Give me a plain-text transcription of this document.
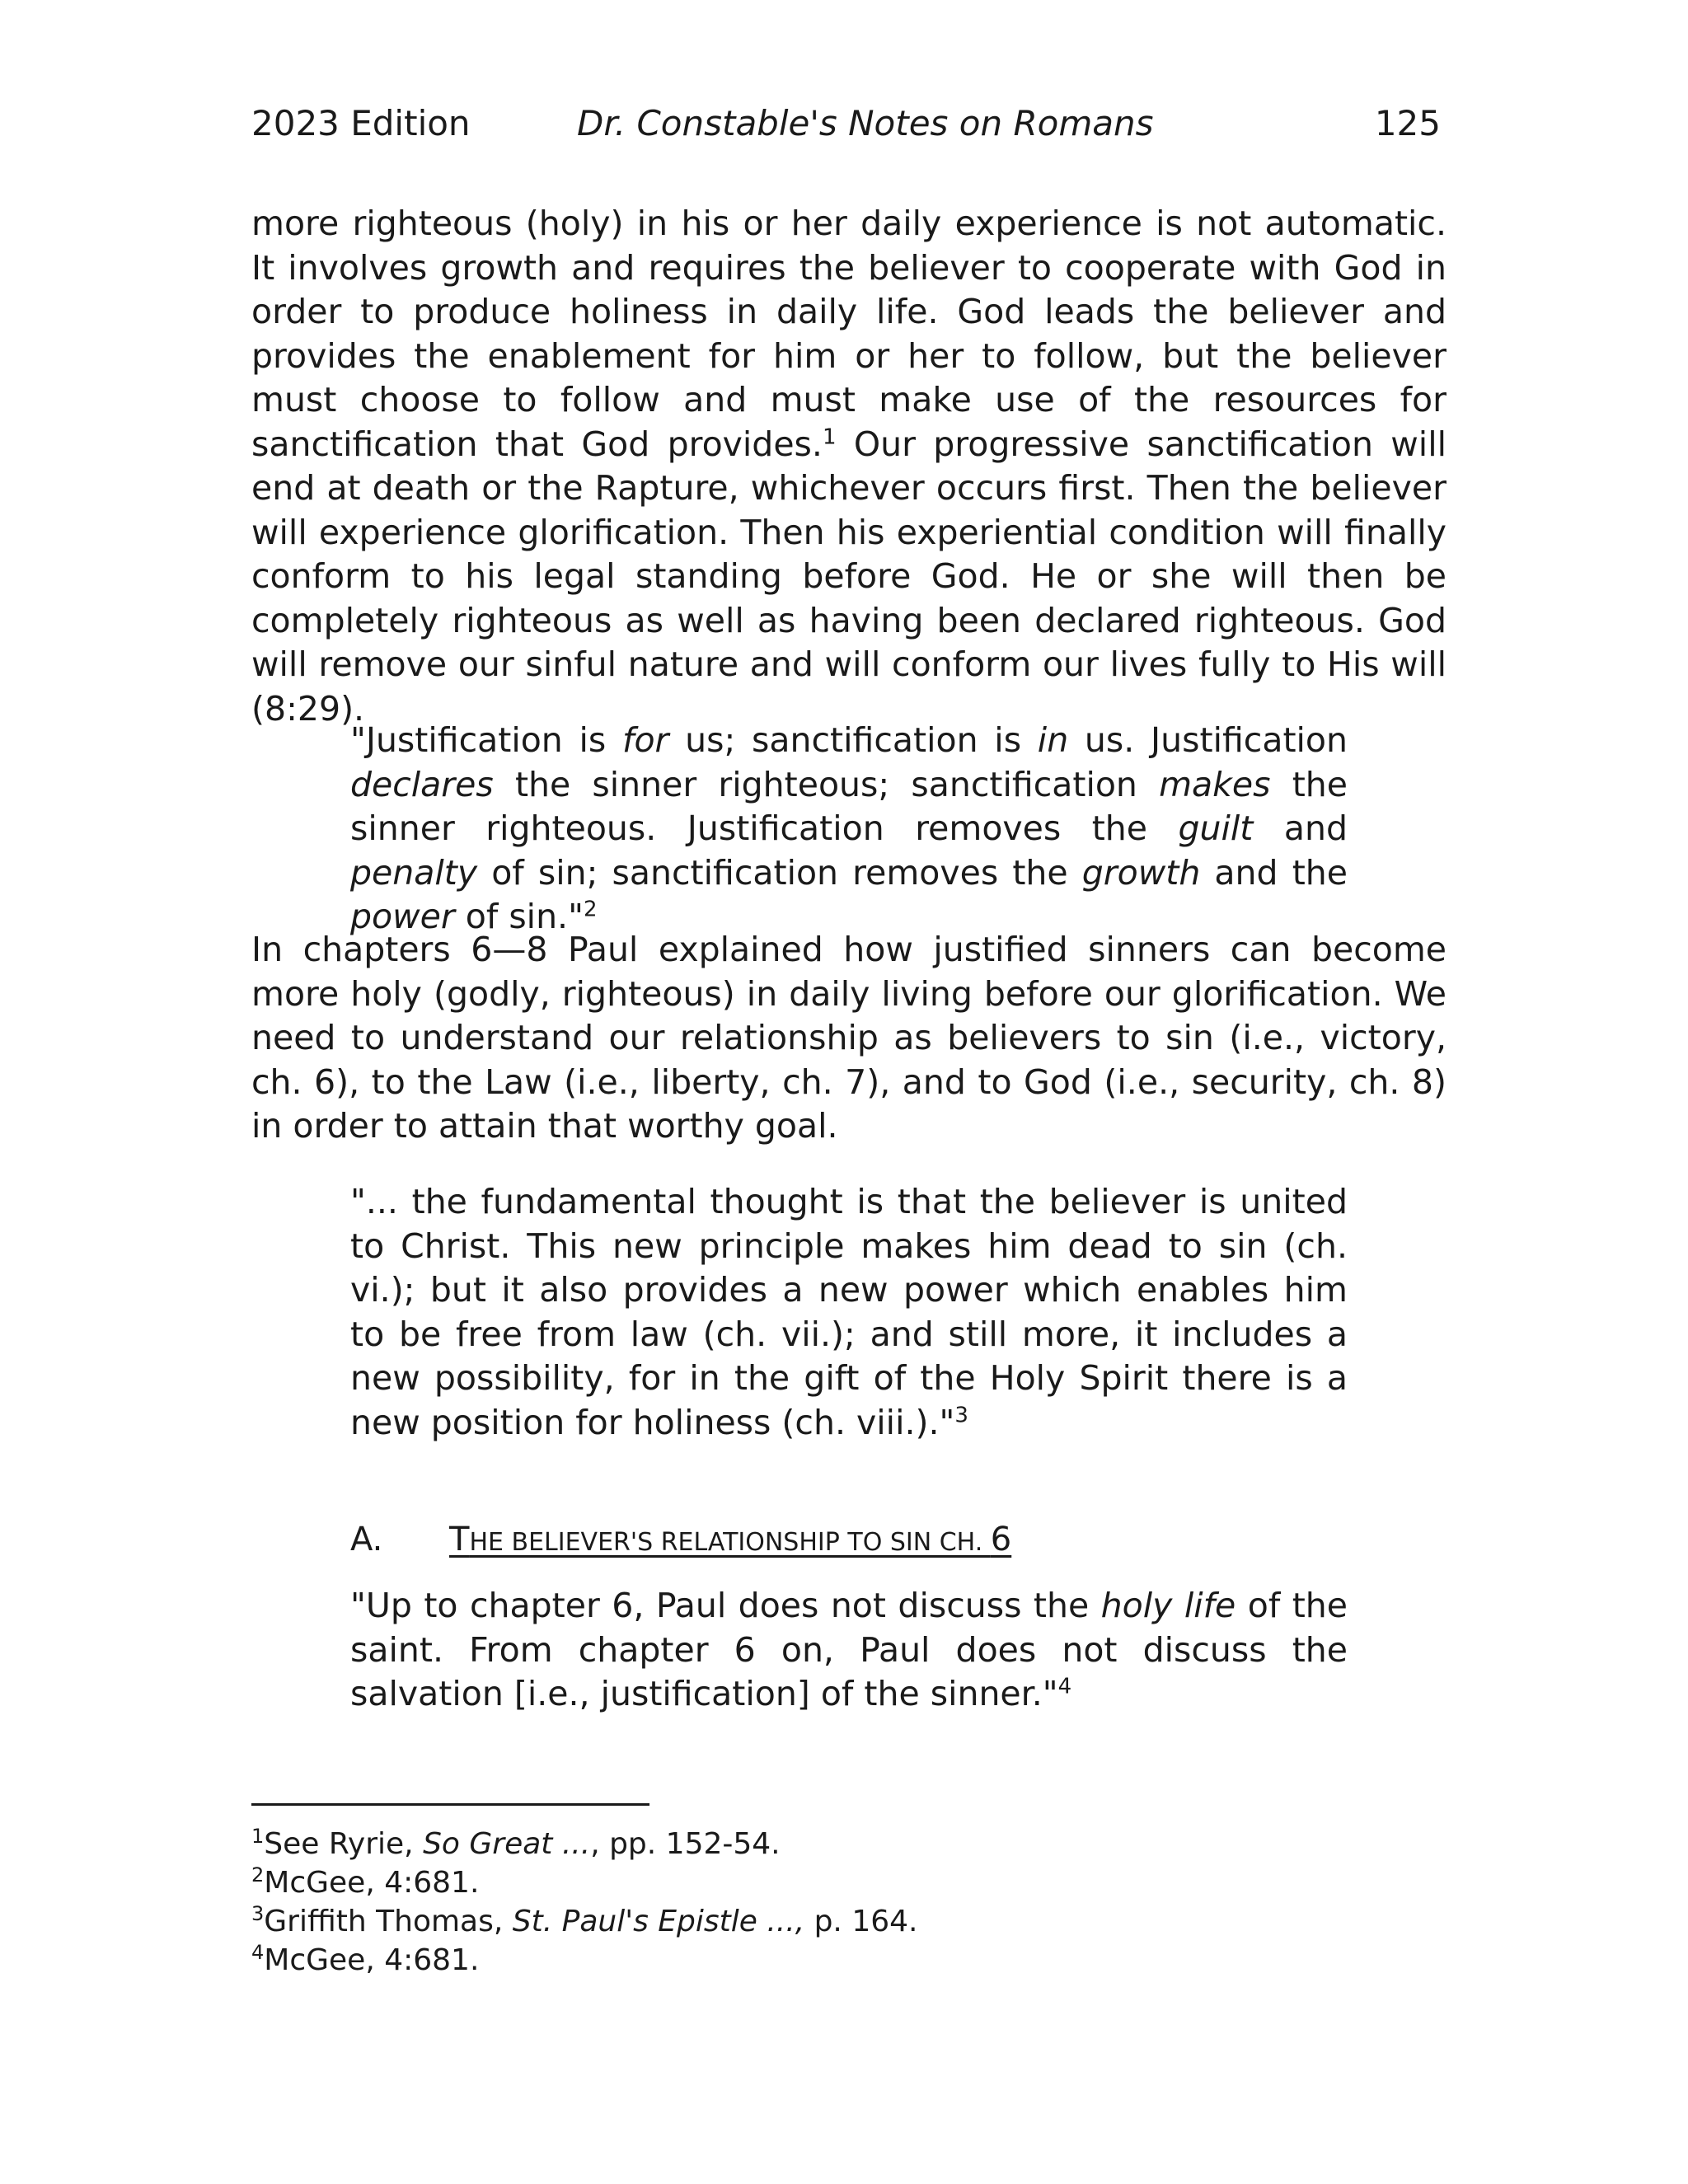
2023 Edition	Dr. Constable's Notes on Romans	125

more righteous (holy) in his or her daily experience is not automatic. It involves growth and requires the believer to cooperate with God in order to produce holiness in daily life. God leads the believer and provides the enablement for him or her to follow, but the believer must choose to follow and must make use of the resources for sanctification that God provides.$^1$ Our progressive sanctification will end at death or the Rapture, whichever occurs first. Then the believer will experience glorification. Then his experiential condition will finally conform to his legal standing before God. He or she will then be completely righteous as well as having been declared righteous. God will remove our sinful nature and will conform our lives fully to His will (8:29).

"Justification is for us; sanctification is in us. Justification declares the sinner righteous; sanctification makes the sinner righteous. Justification removes the guilt and penalty of sin; sanctification removes the growth and the power of sin."$^2$

In chapters 6—8 Paul explained how justified sinners can become more holy (godly, righteous) in daily living before our glorification. We need to understand our relationship as believers to sin (i.e., victory, ch. 6), to the Law (i.e., liberty, ch. 7), and to God (i.e., security, ch. 8) in order to attain that worthy goal.

"... the fundamental thought is that the believer is united to Christ. This new principle makes him dead to sin (ch. vi.); but it also provides a new power which enables him to be free from law (ch. vii.); and still more, it includes a new possibility, for in the gift of the Holy Spirit there is a new position for holiness (ch. viii.)."$^3$

A. THE BELIEVER'S RELATIONSHIP TO SIN CH. 6

"Up to chapter 6, Paul does not discuss the holy life of the saint. From chapter 6 on, Paul does not discuss the salvation [i.e., justification] of the sinner."$^4$

$^1$See Ryrie, So Great ..., pp. 152-54.
$^2$McGee, 4:681.
$^3$Griffith Thomas, St. Paul's Epistle ..., p. 164.
$^4$McGee, 4:681.
